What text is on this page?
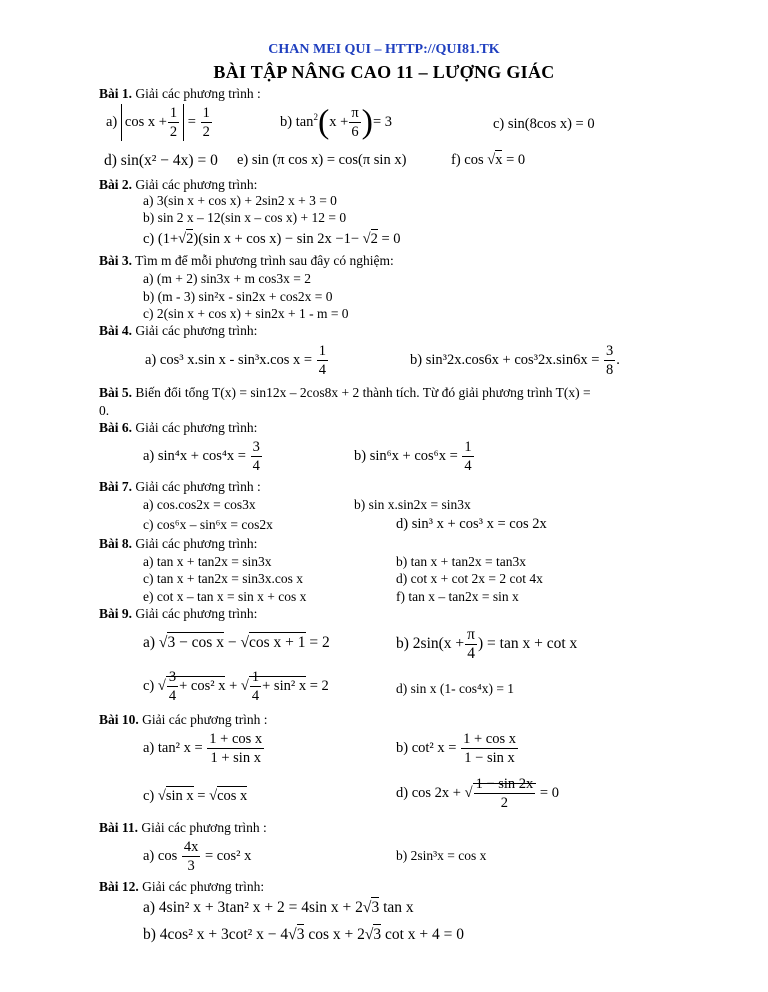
CHAN MEI QUI – HTTP://QUI81.TK
BÀI TẬP NÂNG CAO 11 – LƯỢNG GIÁC
Bài 1. Giải các phương trình :
a) $\cos x + \frac{1}{2} = \frac{1}{2}$	b) $\tan^2(x + \frac{\pi}{6}$ )= 3	c) sin(8cos x) = 0
d) sin(x² − 4x) = 0 e) sin (π cos x) = cos(π sin x)	f) cos √x = 0
Bài 2. Giải các phương trình:
a) 3(sin x + cos x) + 2sin2 x + 3 = 0
b) sin 2 x – 12(sin x – cos x) + 12 = 0
c) (1+√2)(sin x + cos x) − sin 2x −1− √2 = 0
Bài 3. Tìm m để mỗi phương trình sau đây có nghiệm:
a) (m + 2) sin3x + m cos3x = 2
b) (m - 3) sin²x - sin2x + cos2x = 0
c) 2(sin x + cos x) + sin2x + 1 - m = 0
Bài 4. Giải các phương trình:
a) cos³ x.sin x - sin³x.cos $x = \frac{1}{4}$	b) $\sin^32x.\cos 6x + \cos^32x.\sin 6x = \frac{3}{8}$ .
Bài 5. Biến đổi tổng T(x) = sin12x – 2cos8x + 2 thành tích. Từ đó giải phương trình T(x) =
0.
Bài 6. Giải các phương trình:
a) $\sin^4x + \cos^4x = \frac{3}{4}$	b) $\sin^6x + \cos^6x = \frac{1}{4}$
Bài 7. Giải các phương trình :
a) cos.cos2x = cos3x	b) sin x.sin2x = sin3x
c) cos⁶x – sin⁶x = cos2x	d) sin³ x + cos³ x = cos 2x
Bài 8. Giải các phương trình:
a) tan x + tan2x = sin3x	b) tan x + tan2x = tan3x
c) tan x + tan2x = sin3x.cos x	d) cot x + cot 2x = 2 cot 4x
e) cot x – tan x = sin x + cos x	f) tan x – tan2x = sin x
Bài 9. Giải các phương trình:
a) √3 − cos x − √cos x + 1 = 2	b) $2\sin(x + \frac{\pi}{4}$ ) = tan x + cot x
c) √ $\frac{3}{4} + \cos^2$ x + √ $\frac{1}{4} + \sin^2$ x = 2	d) sin x (1- cos⁴x) = 1
Bài 10. Giải các phương trình :
a) tan² $x = \frac{\text{1 + cos x}}{\text{1 + sin x}}$	b) cot² $x = \frac{\text{1 + cos x}}{\text{1 − sin x}}$
c) √sin x = √cos x	d) cos 2x + √ $\frac{1 - \sin 2x}{2} = 0$
Bài 11. Giải các phương trình :
a) $\cos \frac{4x}{3} = \cos^2$ x	b) 2sin³x = cos x
Bài 12. Giải các phương trình:
a) 4sin² x + 3tan² x + 2 = 4sin x + 2√3 tan x
b) 4cos² x + 3cot² x − 4√3 cos x + 2√3 cot x + 4 = 0
